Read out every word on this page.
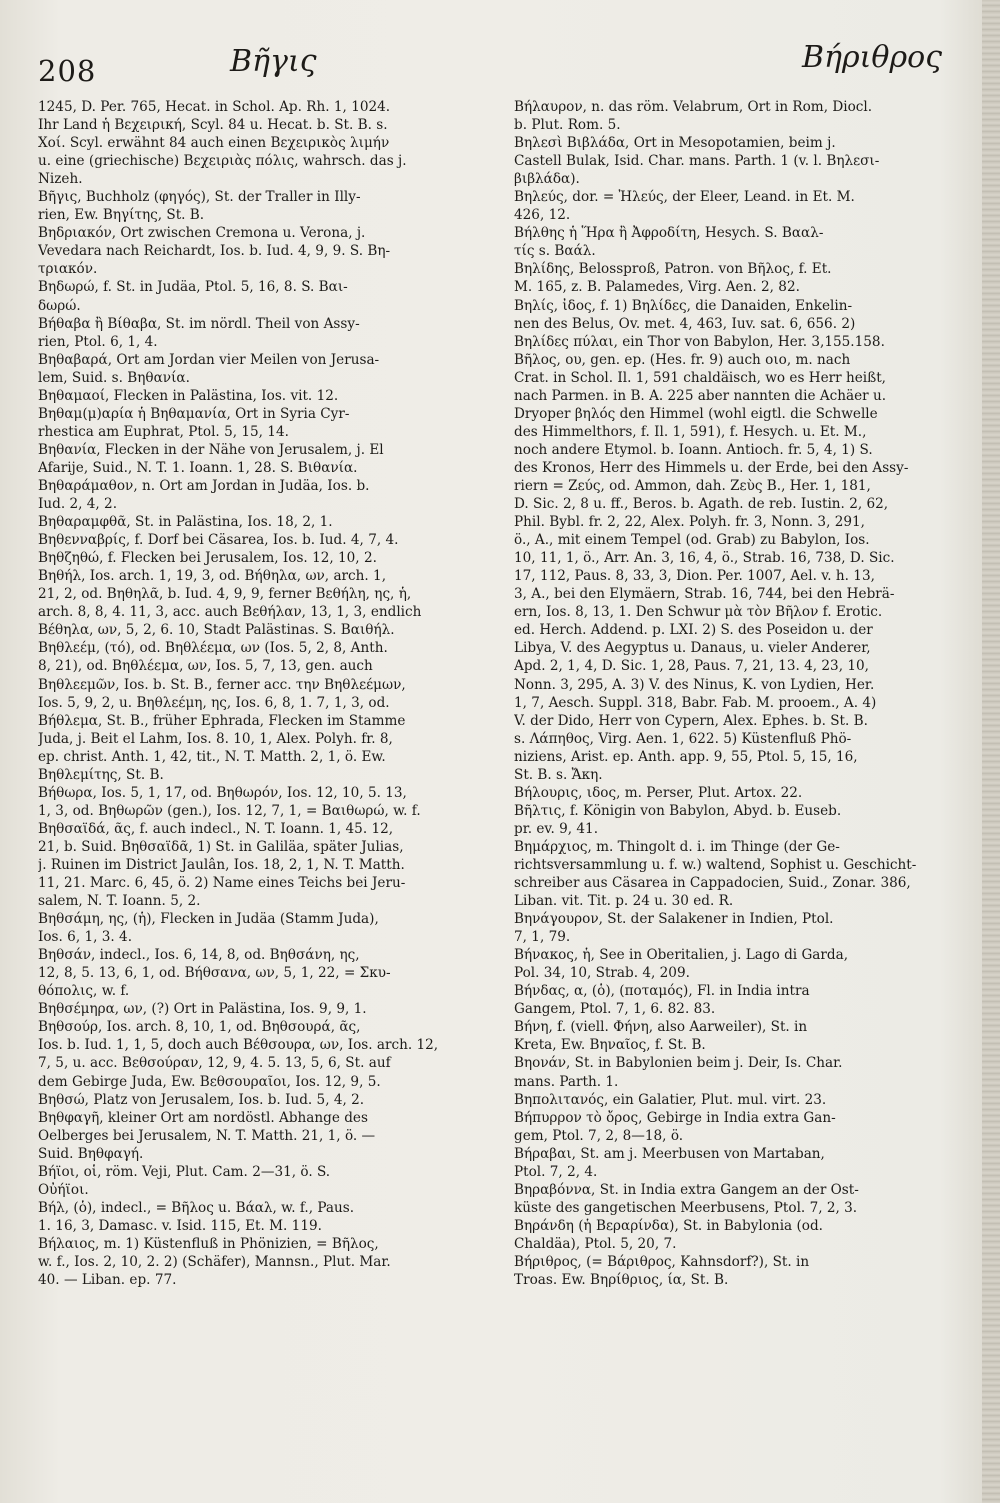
208	Βῆγις	Βήριθρος
1245, D. Per. 765, Hecat. in Schol. Ap. Rh. 1, 1024.
Ihr Land ἡ Βεχειρική, Scyl. 84 u. Hecat. b. St. B. s.
Χοί. Scyl. erwähnt 84 auch einen Βεχειρικὸς λιμήν
u. eine (griechische) Βεχειριὰς πόλις, wahrsch. das j.
Nizeh.
Βῆγις, Buchholz (φηγός), St. der Traller in Illy-
rien, Ew. Βηγίτης, St. B.
Βηδριακόν, Ort zwischen Cremona u. Verona, j.
Vevedara nach Reichardt, Ios. b. Iud. 4, 9, 9. S. Βη-
τριακόν.
Βηδωρώ, f. St. in Judäa, Ptol. 5, 16, 8. S. Βαι-
δωρώ.
Βήθαβα ἢ Βίθαβα, St. im nördl. Theil von Assy-
rien, Ptol. 6, 1, 4.
Βηθαβαρά, Ort am Jordan vier Meilen von Jerusa-
lem, Suid. s. Βηθανία.
Βηθαμαοί, Flecken in Palästina, Ios. vit. 12.
Βηθαμ(μ)αρία ἡ Βηθαμανία, Ort in Syria Cyr-
rhestica am Euphrat, Ptol. 5, 15, 14.
Βηθανία, Flecken in der Nähe von Jerusalem, j. El
Afarije, Suid., N. T. 1. Ioann. 1, 28. S. Βιθανία.
Βηθαράμαθον, n. Ort am Jordan in Judäa, Ios. b.
Iud. 2, 4, 2.
Βηθαραμφθᾶ, St. in Palästina, Ios. 18, 2, 1.
Βηθενναβρίς, f. Dorf bei Cäsarea, Ios. b. Iud. 4, 7, 4.
Βηθζηθώ, f. Flecken bei Jerusalem, Ios. 12, 10, 2.
Βηθήλ, Ios. arch. 1, 19, 3, od. Βήθηλα, ων, arch. 1,
21, 2, od. Βηθηλᾶ, b. Iud. 4, 9, 9, ferner Βεθήλη, ης, ἡ,
arch. 8, 8, 4. 11, 3, acc. auch Βεθήλαν, 13, 1, 3, endlich
Βέθηλα, ων, 5, 2, 6. 10, Stadt Palästinas. S. Βαιθήλ.
Βηθλεέμ, (τό), od. Βηθλέεμα, ων (Ios. 5, 2, 8, Anth.
8, 21), od. Βηθλέεμα, ων, Ios. 5, 7, 13, gen. auch
Βηθλεεμῶν, Ios. b. St. B., ferner acc. την Βηθλεέμων,
Ios. 5, 9, 2, u. Βηθλεέμη, ης, Ios. 6, 8, 1. 7, 1, 3, od.
Βήθλεμα, St. B., früher Ephrada, Flecken im Stamme
Juda, j. Beit el Lahm, Ios. 8. 10, 1, Alex. Polyh. fr. 8,
ep. christ. Anth. 1, 42, tit., N. T. Matth. 2, 1, ö. Ew.
Βηθλεμίτης, St. B.
Βήθωρα, Ios. 5, 1, 17, od. Βηθωρόν, Ios. 12, 10, 5. 13,
1, 3, od. Βηθωρῶν (gen.), Ios. 12, 7, 1, = Βαιθωρώ, w. f.
Βηθσαϊδά, ᾶς, f. auch indecl., N. T. Ioann. 1, 45. 12,
21, b. Suid. Βηθσαϊδᾶ, 1) St. in Galiläa, später Julias,
j. Ruinen im District Jaulân, Ios. 18, 2, 1, N. T. Matth.
11, 21. Marc. 6, 45, ö. 2) Name eines Teichs bei Jeru-
salem, N. T. Ioann. 5, 2.
Βηθσάμη, ης, (ἡ), Flecken in Judäa (Stamm Juda),
Ios. 6, 1, 3. 4.
Βηθσάν, indecl., Ios. 6, 14, 8, od. Βηθσάνη, ης,
12, 8, 5. 13, 6, 1, od. Βήθσανα, ων, 5, 1, 22, = Σκυ-
θόπολις, w. f.
Βηθσέμηρα, ων, (?) Ort in Palästina, Ios. 9, 9, 1.
Βηθσούρ, Ios. arch. 8, 10, 1, od. Βηθσουρά, ᾶς,
Ios. b. Iud. 1, 1, 5, doch auch Βέθσουρα, ων, Ios. arch. 12,
7, 5, u. acc. Βεθσούραν, 12, 9, 4. 5. 13, 5, 6, St. auf
dem Gebirge Juda, Ew. Βεθσουραῖοι, Ios. 12, 9, 5.
Βηθσώ, Platz von Jerusalem, Ios. b. Iud. 5, 4, 2.
Βηθφαγῆ, kleiner Ort am nordöstl. Abhange des
Oelberges bei Jerusalem, N. T. Matth. 21, 1, ö. —
Suid. Βηθφαγή.
Βήϊοι, οἱ, röm. Veji, Plut. Cam. 2—31, ö. S.
Οὐήϊοι.
Βήλ, (ὁ), indecl., = Βῆλος u. Βάαλ, w. f., Paus.
1. 16, 3, Damasc. v. Isid. 115, Et. M. 119.
Βήλαιος, m. 1) Küstenfluß in Phönizien, = Βῆλος,
w. f., Ios. 2, 10, 2. 2) (Schäfer), Mannsn., Plut. Mar.
40. — Liban. ep. 77.
Βήλαυρον, n. das röm. Velabrum, Ort in Rom, Diocl.
b. Plut. Rom. 5.
Βηλεσὶ Βιβλάδα, Ort in Mesopotamien, beim j.
Castell Bulak, Isid. Char. mans. Parth. 1 (v. l. Βηλεσι-
βιβλάδα).
Βηλεύς, dor. = Ἠλεύς, der Eleer, Leand. in Et. M.
426, 12.
Βήλθης ἡ Ἥρα ἢ Ἀφροδίτη, Hesych. S. Βααλ-
τίς s. Βαάλ.
Βηλίδης, Belossproß, Patron. von Βῆλος, f. Et.
M. 165, z. B. Palamedes, Virg. Aen. 2, 82.
Βηλίς, ἰδος, f. 1) Βηλίδες, die Danaiden, Enkelin-
nen des Belus, Ov. met. 4, 463, Iuv. sat. 6, 656. 2)
Βηλίδες πύλαι, ein Thor von Babylon, Her. 3,155.158.
Βῆλος, ου, gen. ep. (Hes. fr. 9) auch οιο, m. nach
Crat. in Schol. Il. 1, 591 chaldäisch, wo es Herr heißt,
nach Parmen. in B. A. 225 aber nannten die Achäer u.
Dryoper βηλός den Himmel (wohl eigtl. die Schwelle
des Himmelthors, f. Il. 1, 591), f. Hesych. u. Et. M.,
noch andere Etymol. b. Ioann. Antioch. fr. 5, 4, 1) S.
des Kronos, Herr des Himmels u. der Erde, bei den Assy-
riern = Ζεύς, od. Ammon, dah. Ζεὺς Β., Her. 1, 181,
D. Sic. 2, 8 u. ff., Beros. b. Agath. de reb. Iustin. 2, 62,
Phil. Bybl. fr. 2, 22, Alex. Polyh. fr. 3, Nonn. 3, 291,
ö., A., mit einem Tempel (od. Grab) zu Babylon, Ios.
10, 11, 1, ö., Arr. An. 3, 16, 4, ö., Strab. 16, 738, D. Sic.
17, 112, Paus. 8, 33, 3, Dion. Per. 1007, Ael. v. h. 13,
3, A., bei den Elymäern, Strab. 16, 744, bei den Hebrä-
ern, Ios. 8, 13, 1. Den Schwur μὰ τὸν Βῆλον f. Erotic.
ed. Herch. Addend. p. LXI. 2) S. des Poseidon u. der
Libya, V. des Aegyptus u. Danaus, u. vieler Anderer,
Apd. 2, 1, 4, D. Sic. 1, 28, Paus. 7, 21, 13. 4, 23, 10,
Nonn. 3, 295, A. 3) V. des Ninus, K. von Lydien, Her.
1, 7, Aesch. Suppl. 318, Babr. Fab. M. prooem., A. 4)
V. der Dido, Herr von Cypern, Alex. Ephes. b. St. B.
s. Λάπηθος, Virg. Aen. 1, 622. 5) Küstenfluß Phö-
niziens, Arist. ep. Anth. app. 9, 55, Ptol. 5, 15, 16,
St. B. s. Ἄκη.
Βήλουρις, ιδος, m. Perser, Plut. Artox. 22.
Βῆλτις, f. Königin von Babylon, Abyd. b. Euseb.
pr. ev. 9, 41.
Βημάρχιος, m. Thingolt d. i. im Thinge (der Ge-
richtsversammlung u. f. w.) waltend, Sophist u. Geschicht-
schreiber aus Cäsarea in Cappadocien, Suid., Zonar. 386,
Liban. vit. Tit. p. 24 u. 30 ed. R.
Βηνάγουρον, St. der Salakener in Indien, Ptol.
7, 1, 79.
Βήνακος, ἡ, See in Oberitalien, j. Lago di Garda,
Pol. 34, 10, Strab. 4, 209.
Βήνδας, α, (ὁ), (ποταμός), Fl. in India intra
Gangem, Ptol. 7, 1, 6. 82. 83.
Βήνη, f. (viell. Φήνη, also Aarweiler), St. in
Kreta, Ew. Βηναῖος, f. St. B.
Βηονάν, St. in Babylonien beim j. Deir, Is. Char.
mans. Parth. 1.
Βηπολιτανός, ein Galatier, Plut. mul. virt. 23.
Βήπυρρον τὸ ὄρος, Gebirge in India extra Gan-
gem, Ptol. 7, 2, 8—18, ö.
Βήραβαι, St. am j. Meerbusen von Martaban,
Ptol. 7, 2, 4.
Βηραβόννα, St. in India extra Gangem an der Ost-
küste des gangetischen Meerbusens, Ptol. 7, 2, 3.
Βηράνδη (ἡ Βεραρίνδα), St. in Babylonia (od.
Chaldäa), Ptol. 5, 20, 7.
Βήριθρος, (= Βάριθρος, Kahnsdorf?), St. in
Troas. Ew. Βηρίθριος, ία, St. B.
